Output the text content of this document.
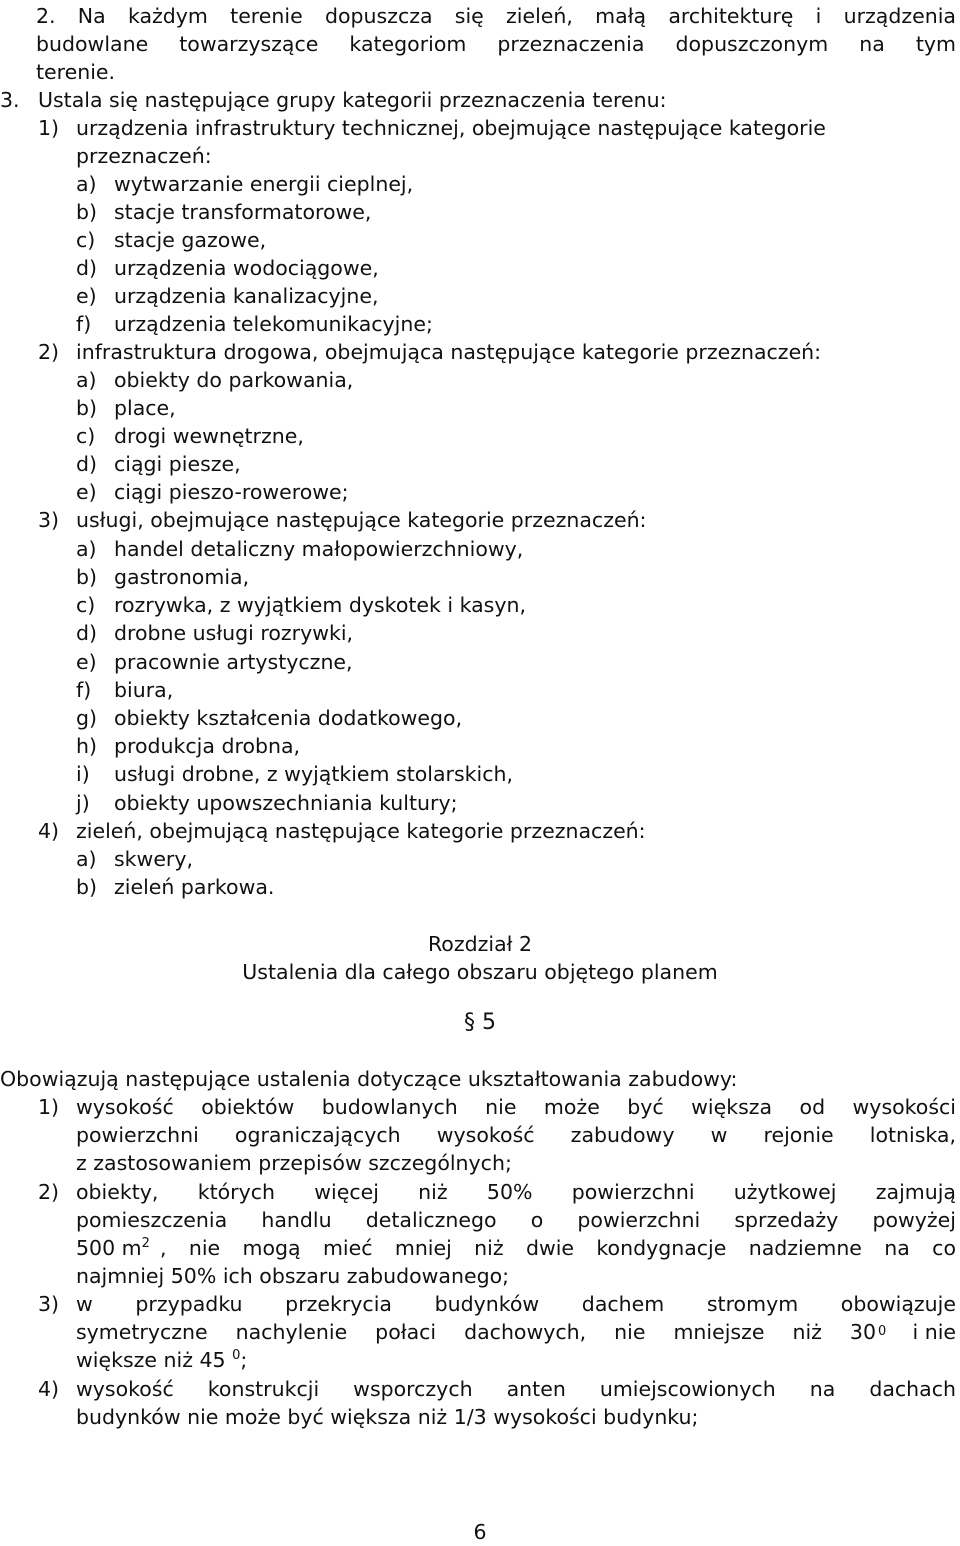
2. Na każdym terenie dopuszcza się zieleń, małą architekturę i urządzenia
budowlane towarzyszące kategoriom przeznaczenia dopuszczonym na tym
terenie.
3. Ustala się następujące grupy kategorii przeznaczenia terenu:
1) urządzenia infrastruktury technicznej, obejmujące następujące kategorie
przeznaczeń:
a) wytwarzanie energii cieplnej,
b) stacje transformatorowe,
c) stacje gazowe,
d) urządzenia wodociągowe,
e) urządzenia kanalizacyjne,
f) urządzenia telekomunikacyjne;
2) infrastruktura drogowa, obejmująca następujące kategorie przeznaczeń:
a) obiekty do parkowania,
b) place,
c) drogi wewnętrzne,
d) ciągi piesze,
e) ciągi pieszo-rowerowe;
3) usługi, obejmujące następujące kategorie przeznaczeń:
a) handel detaliczny małopowierzchniowy,
b) gastronomia,
c) rozrywka, z wyjątkiem dyskotek i kasyn,
d) drobne usługi rozrywki,
e) pracownie artystyczne,
f) biura,
g) obiekty kształcenia dodatkowego,
h) produkcja drobna,
i) usługi drobne, z wyjątkiem stolarskich,
j) obiekty upowszechniania kultury;
4) zieleń, obejmującą następujące kategorie przeznaczeń:
a) skwery,
b) zieleń parkowa.
Rozdział 2
Ustalenia dla całego obszaru objętego planem
§ 5
Obowiązują następujące ustalenia dotyczące ukształtowania zabudowy:
1) wysokość obiektów budowlanych nie może być większa od wysokości
powierzchni ograniczających wysokość zabudowy w rejonie lotniska,
z zastosowaniem przepisów szczególnych;
2) obiekty, których więcej niż 50% powierzchni użytkowej zajmują
pomieszczenia handlu detalicznego o powierzchni sprzedaży powyżej
500 $m^2$ , nie mogą mieć mniej niż dwie kondygnacje nadziemne na co
najmniej 50% ich obszaru zabudowanego;
3) w przypadku przekrycia budynków dachem stromym obowiązuje
symetryczne nachylenie połaci dachowych, nie mniejsze niż 30 0	i nie
większe niż 45 $^0$;
4) wysokość konstrukcji wsporczych anten umiejscowionych na dachach
budynków nie może być większa niż 1/3 wysokości budynku;
6
